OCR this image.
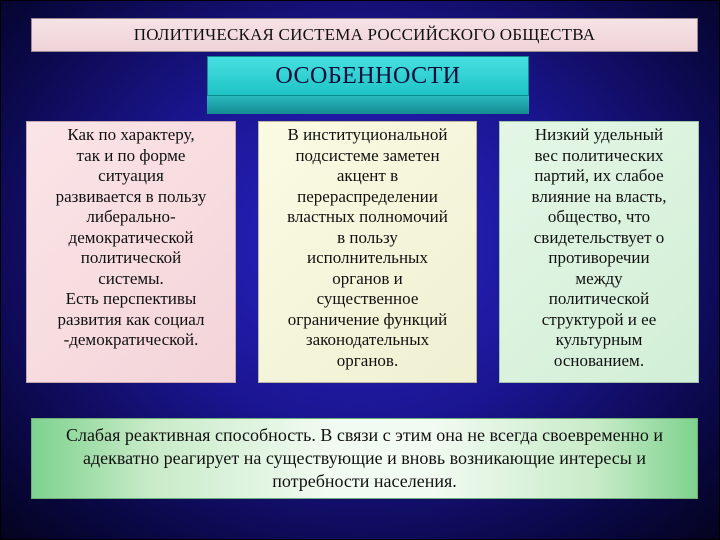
ПОЛИТИЧЕСКАЯ СИСТЕМА РОССИЙСКОГО ОБЩЕСТВА
ОСОБЕННОСТИ
Как по характеру,
так и по форме
ситуация
развивается в пользу
либерально-
демократической
политической
системы.
Есть перспективы
развития как социал
-демократической.
В институциональной
подсистеме заметен
акцент в
перераспределении
властных полномочий
в пользу
исполнительных
органов и
существенное
ограничение функций
законодательных
органов.
Низкий удельный
вес политических
партий, их слабое
влияние на власть,
общество, что
свидетельствует о
противоречии
между
политической
структурой и ее
культурным
основанием.
Слабая реактивная способность. В связи с этим она не всегда своевременно и адекватно реагирует на существующие и вновь возникающие интересы и потребности населения.
